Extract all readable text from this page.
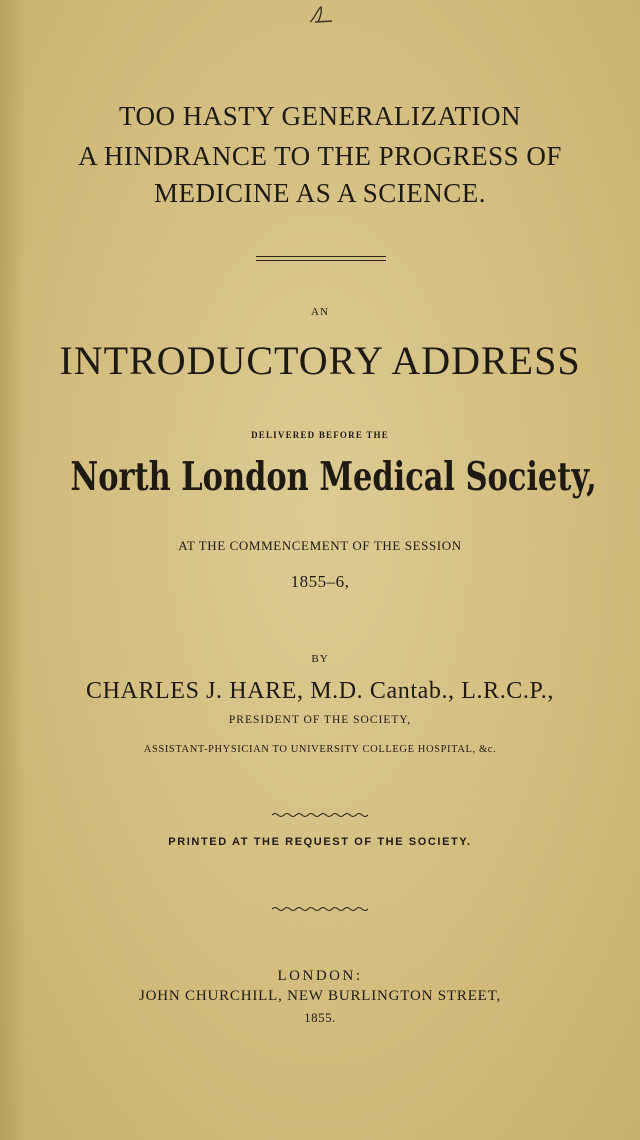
TOO HASTY GENERALIZATION
A HINDRANCE TO THE PROGRESS OF
MEDICINE AS A SCIENCE.
AN
INTRODUCTORY ADDRESS
DELIVERED BEFORE THE
North London Medical Society,
AT THE COMMENCEMENT OF THE SESSION
1855–6,
BY
CHARLES J. HARE, M.D. Cantab., L.R.C.P.,
PRESIDENT OF THE SOCIETY,
ASSISTANT-PHYSICIAN TO UNIVERSITY COLLEGE HOSPITAL, &c.
PRINTED AT THE REQUEST OF THE SOCIETY.
LONDON:
JOHN CHURCHILL, NEW BURLINGTON STREET,
1855.
